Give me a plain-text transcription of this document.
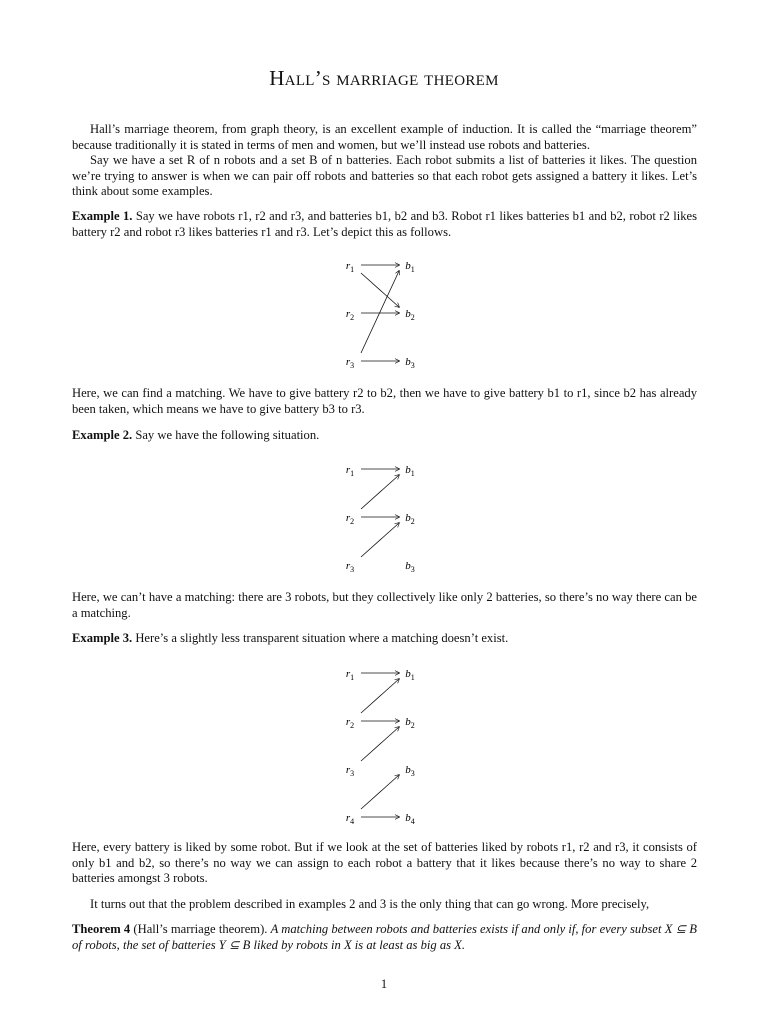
Hall’s marriage theorem
Hall’s marriage theorem, from graph theory, is an excellent example of induction. It is called the “marriage theorem” because traditionally it is stated in terms of men and women, but we’ll instead use robots and batteries.
Say we have a set R of n robots and a set B of n batteries. Each robot submits a list of batteries it likes. The question we’re trying to answer is when we can pair off robots and batteries so that each robot gets assigned a battery it likes. Let’s think about some examples.
Example 1. Say we have robots r1, r2 and r3, and batteries b1, b2 and b3. Robot r1 likes batteries b1 and b2, robot r2 likes battery r2 and robot r3 likes batteries r1 and r3. Let’s depict this as follows.
$r_1$
$r_2$
$r_3$
$b_1$
$b_2$
$b_3$
Here, we can find a matching. We have to give battery r2 to b2, then we have to give battery b1 to r1, since b2 has already been taken, which means we have to give battery b3 to r3.
Example 2. Say we have the following situation.
$r_1$
$r_2$
$r_3$
$b_1$
$b_2$
$b_3$
Here, we can’t have a matching: there are 3 robots, but they collectively like only 2 batteries, so there’s no way there can be a matching.
Example 3. Here’s a slightly less transparent situation where a matching doesn’t exist.
$r_1$
$r_2$
$r_3$
$r_4$
$b_1$
$b_2$
$b_3$
$b_4$
Here, every battery is liked by some robot. But if we look at the set of batteries liked by robots r1, r2 and r3, it consists of only b1 and b2, so there’s no way we can assign to each robot a battery that it likes because there’s no way to share 2 batteries amongst 3 robots.
It turns out that the problem described in examples 2 and 3 is the only thing that can go wrong. More precisely,
Theorem 4 (Hall’s marriage theorem). A matching between robots and batteries exists if and only if, for every subset X ⊆ B of robots, the set of batteries Y ⊆ B liked by robots in X is at least as big as X.
1
